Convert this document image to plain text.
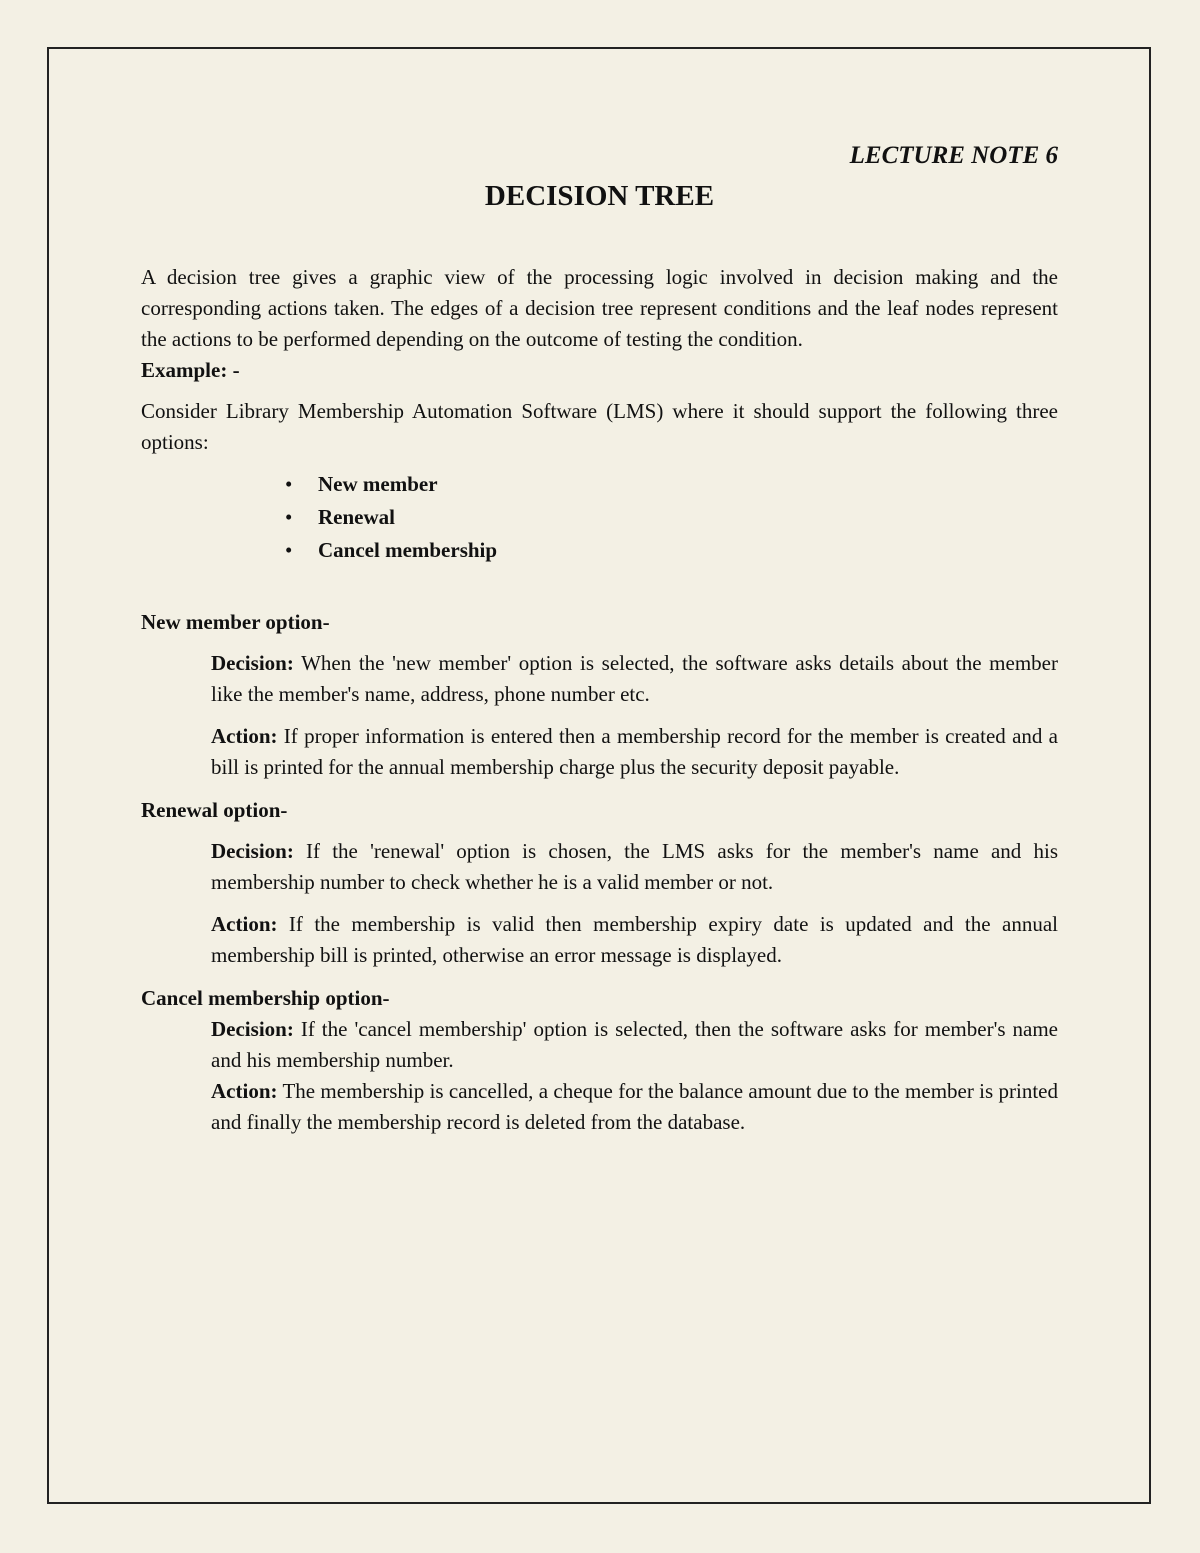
LECTURE NOTE 6

DECISION TREE

A decision tree gives a graphic view of the processing logic involved in decision making and the corresponding actions taken. The edges of a decision tree represent conditions and the leaf nodes represent the actions to be performed depending on the outcome of testing the condition.

Example: -

Consider Library Membership Automation Software (LMS) where it should support the following three options:

• New member
• Renewal
• Cancel membership

New member option-

Decision: When the 'new member' option is selected, the software asks details about the member like the member's name, address, phone number etc.

Action: If proper information is entered then a membership record for the member is created and a bill is printed for the annual membership charge plus the security deposit payable.

Renewal option-

Decision: If the 'renewal' option is chosen, the LMS asks for the member's name and his membership number to check whether he is a valid member or not.

Action: If the membership is valid then membership expiry date is updated and the annual membership bill is printed, otherwise an error message is displayed.

Cancel membership option-

Decision: If the 'cancel membership' option is selected, then the software asks for member's name and his membership number.

Action: The membership is cancelled, a cheque for the balance amount due to the member is printed and finally the membership record is deleted from the database.
